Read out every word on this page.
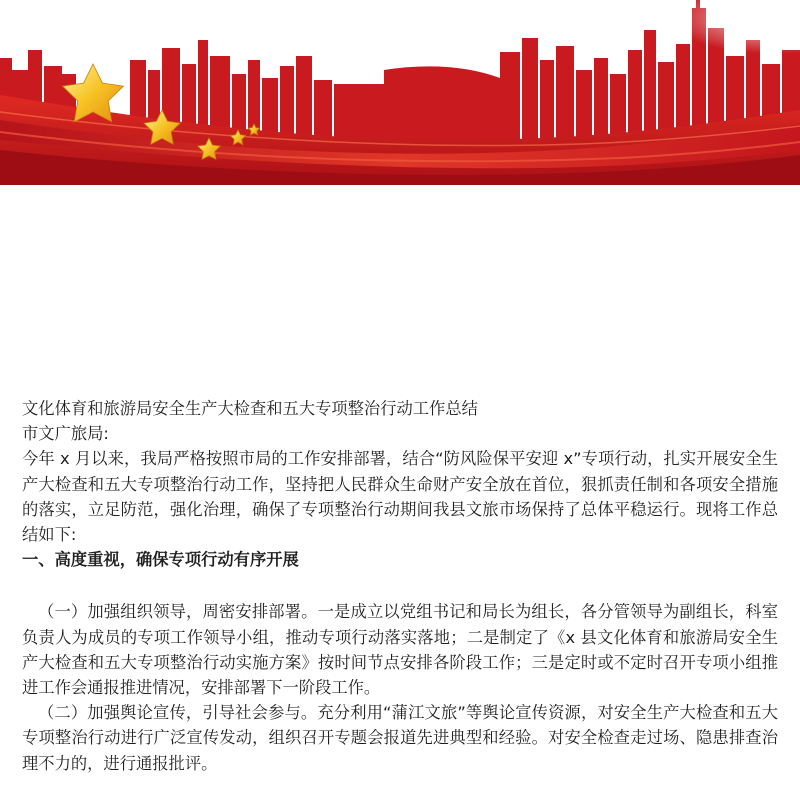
文化体育和旅游局安全生产大检查和五大专项整治行动工作总结

市文广旅局:

今年 x 月以来，我局严格按照市局的工作安排部署，结合“防风险保平安迎 x”专项行动，扎实开展安全生产大检查和五大专项整治行动工作，坚持把人民群众生命财产安全放在首位，狠抓责任制和各项安全措施的落实，立足防范，强化治理，确保了专项整治行动期间我县文旅市场保持了总体平稳运行。现将工作总结如下:

一、高度重视，确保专项行动有序开展

（一）加强组织领导，周密安排部署。一是成立以党组书记和局长为组长，各分管领导为副组长，科室负责人为成员的专项工作领导小组，推动专项行动落实落地；二是制定了《x 县文化体育和旅游局安全生产大检查和五大专项整治行动实施方案》按时间节点安排各阶段工作；三是定时或不定时召开专项小组推进工作会通报推进情况，安排部署下一阶段工作。

（二）加强舆论宣传，引导社会参与。充分利用“蒲江文旅”等舆论宣传资源，对安全生产大检查和五大专项整治行动进行广泛宣传发动，组织召开专题会报道先进典型和经验。对安全检查走过场、隐患排查治理不力的，进行通报批评。
